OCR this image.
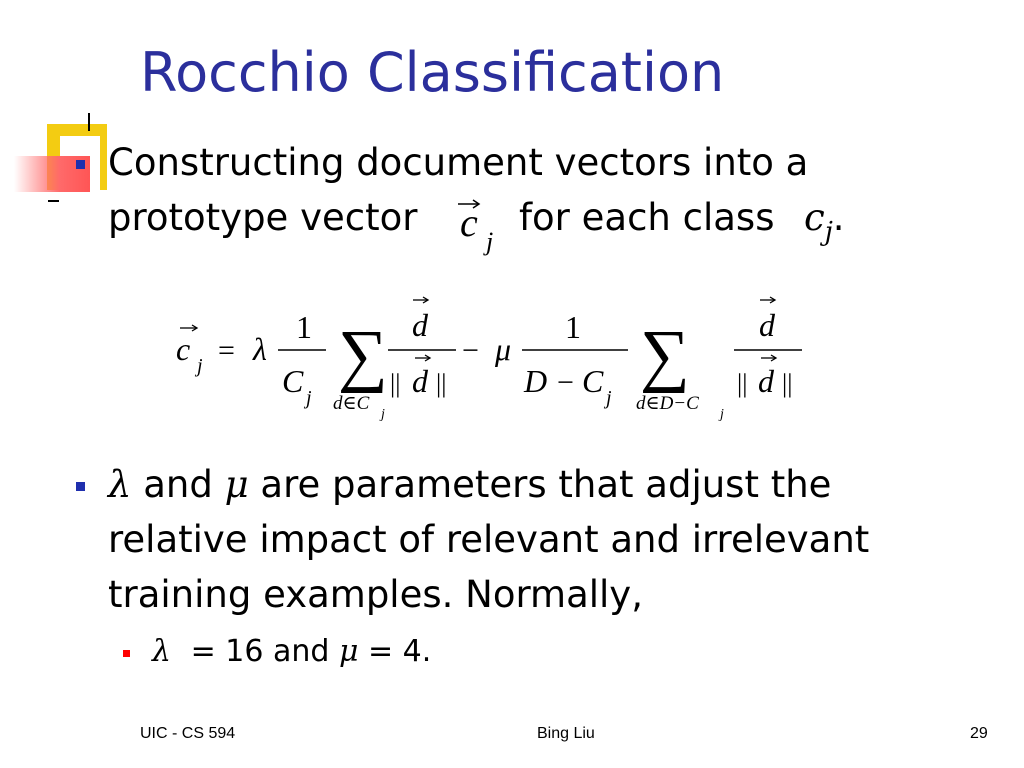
Rocchio Classification
Constructing document vectors into a
prototype vector c j
for each class $c_j$.
c j = λ
1
C j
∑
d∈C
j
d
|| d ||
− μ
1
D − C j
∑
d∈D−C
j
d
|| d ||
λ and μ are parameters that adjust the
relative impact of relevant and irrelevant
training examples. Normally,
λ = 16 and μ = 4.
UIC - CS 594	Bing Liu	29
